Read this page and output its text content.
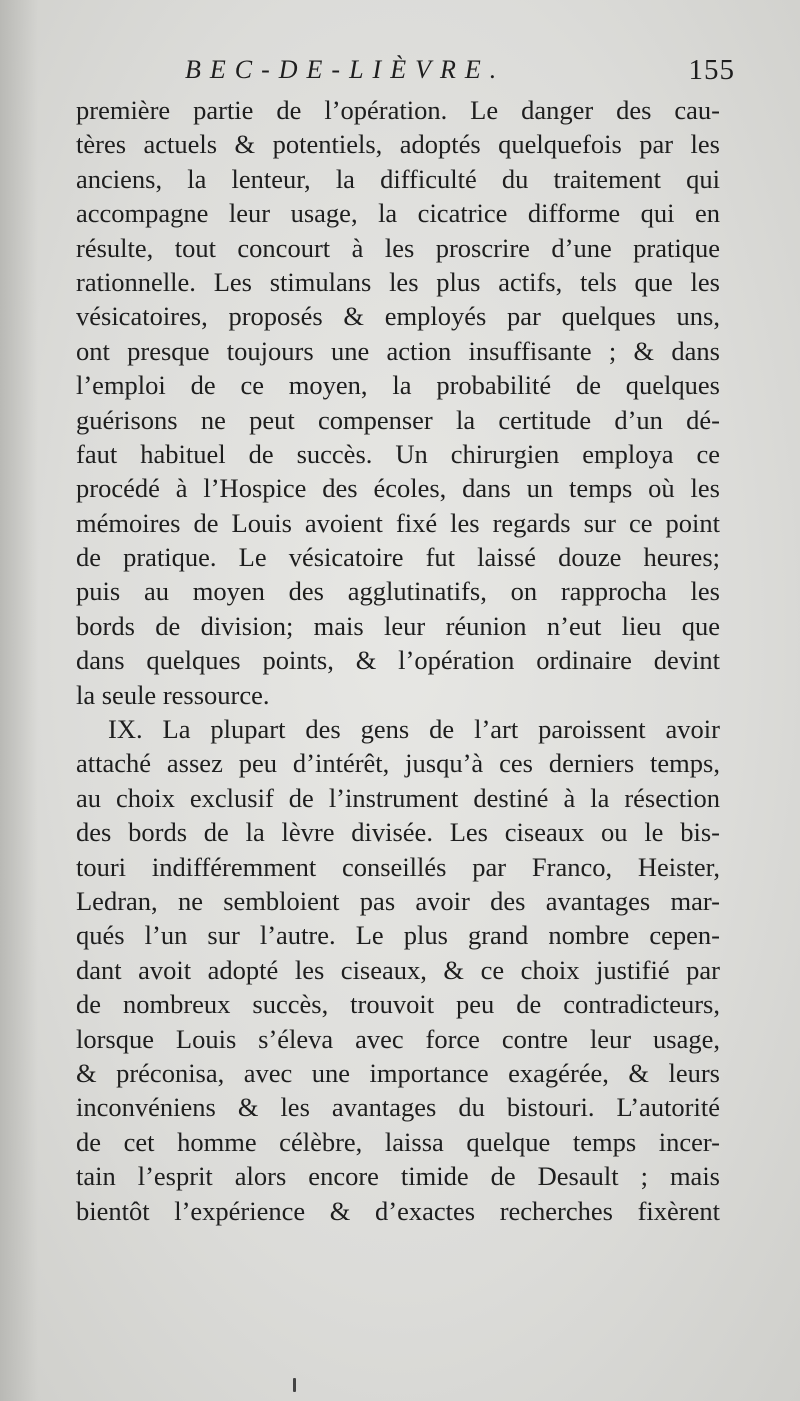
BEC-DE-LIÈVRE.	155
première partie de l’opération. Le danger des cau-
tères actuels & potentiels, adoptés quelquefois par les
anciens, la lenteur, la difficulté du traitement qui
accompagne leur usage, la cicatrice difforme qui en
résulte, tout concourt à les proscrire d’une pratique
rationnelle. Les stimulans les plus actifs, tels que les
vésicatoires, proposés & employés par quelques uns,
ont presque toujours une action insuffisante ; & dans
l’emploi de ce moyen, la probabilité de quelques
guérisons ne peut compenser la certitude d’un dé-
faut habituel de succès. Un chirurgien employa ce
procédé à l’Hospice des écoles, dans un temps où les
mémoires de Louis avoient fixé les regards sur ce point
de pratique. Le vésicatoire fut laissé douze heures;
puis au moyen des agglutinatifs, on rapprocha les
bords de division; mais leur réunion n’eut lieu que
dans quelques points, & l’opération ordinaire devint
la seule ressource.
IX. La plupart des gens de l’art paroissent avoir
attaché assez peu d’intérêt, jusqu’à ces derniers temps,
au choix exclusif de l’instrument destiné à la résection
des bords de la lèvre divisée. Les ciseaux ou le bis-
touri indifféremment conseillés par Franco, Heister,
Ledran, ne sembloient pas avoir des avantages mar-
qués l’un sur l’autre. Le plus grand nombre cepen-
dant avoit adopté les ciseaux, & ce choix justifié par
de nombreux succès, trouvoit peu de contradicteurs,
lorsque Louis s’éleva avec force contre leur usage,
& préconisa, avec une importance exagérée, & leurs
inconvéniens & les avantages du bistouri. L’autorité
de cet homme célèbre, laissa quelque temps incer-
tain l’esprit alors encore timide de Desault ; mais
bientôt l’expérience & d’exactes recherches fixèrent
